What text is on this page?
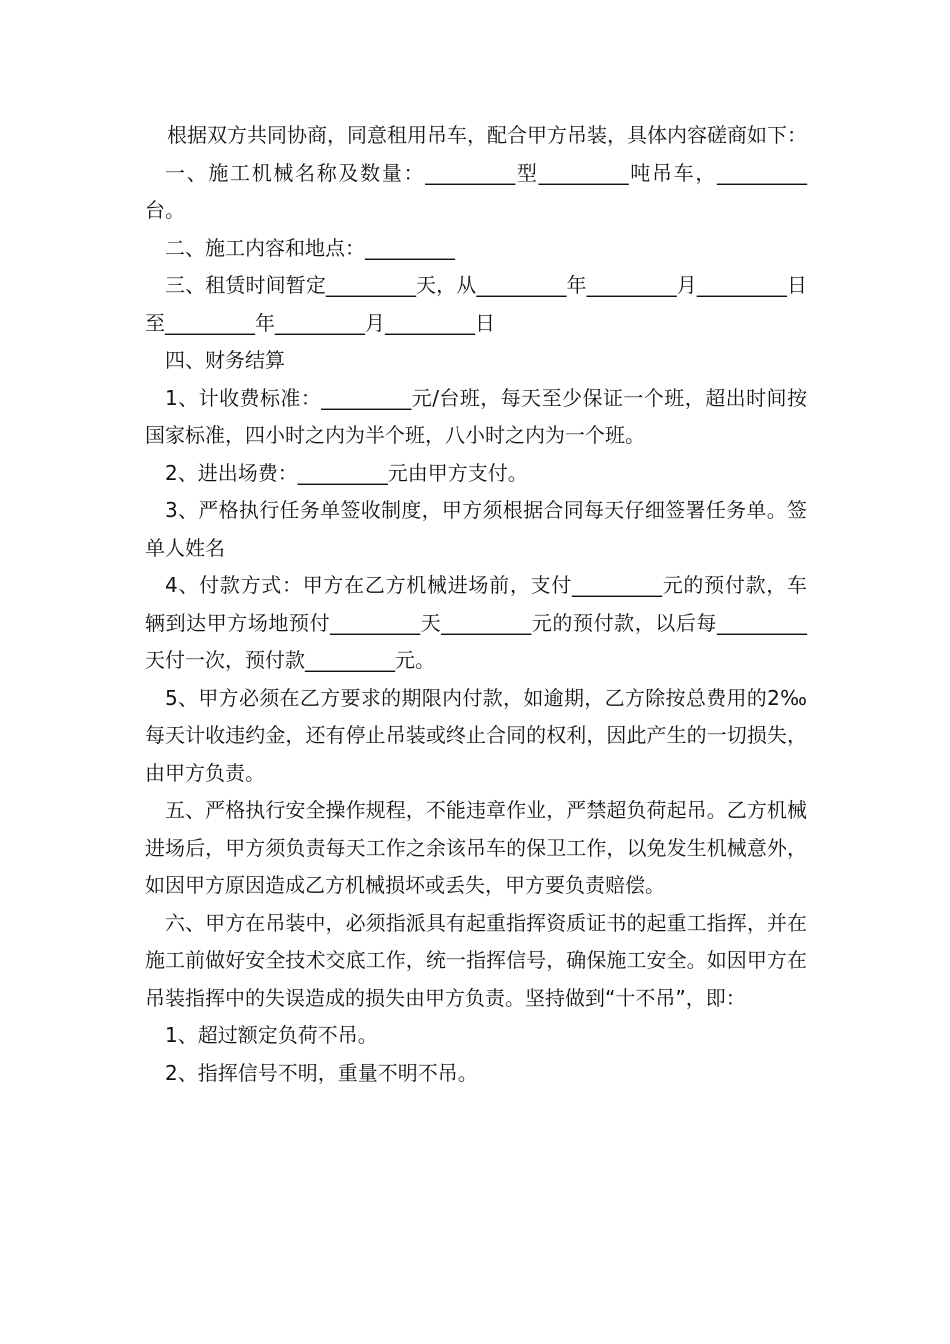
根据双方共同协商，同意租用吊车，配合甲方吊装，具体内容磋商如下：

一、施工机械名称及数量：_________型_________吨吊车，_________台。

二、施工内容和地点：_________

三、租赁时间暂定_________天，从_________年_________月_________日至_________年_________月_________日

四、财务结算

1、计收费标准：_________元/台班，每天至少保证一个班，超出时间按国家标准，四小时之内为半个班，八小时之内为一个班。

2、进出场费：_________元由甲方支付。

3、严格执行任务单签收制度，甲方须根据合同每天仔细签署任务单。签单人姓名

4、付款方式：甲方在乙方机械进场前，支付_________元的预付款，车辆到达甲方场地预付_________天_________元的预付款，以后每_________天付一次，预付款_________元。

5、甲方必须在乙方要求的期限内付款，如逾期，乙方除按总费用的2‰每天计收违约金，还有停止吊装或终止合同的权利，因此产生的一切损失，由甲方负责。

五、严格执行安全操作规程，不能违章作业，严禁超负荷起吊。乙方机械进场后，甲方须负责每天工作之余该吊车的保卫工作，以免发生机械意外，如因甲方原因造成乙方机械损坏或丢失，甲方要负责赔偿。

六、甲方在吊装中，必须指派具有起重指挥资质证书的起重工指挥，并在施工前做好安全技术交底工作，统一指挥信号，确保施工安全。如因甲方在吊装指挥中的失误造成的损失由甲方负责。坚持做到“十不吊”，即：

1、超过额定负荷不吊。

2、指挥信号不明，重量不明不吊。
